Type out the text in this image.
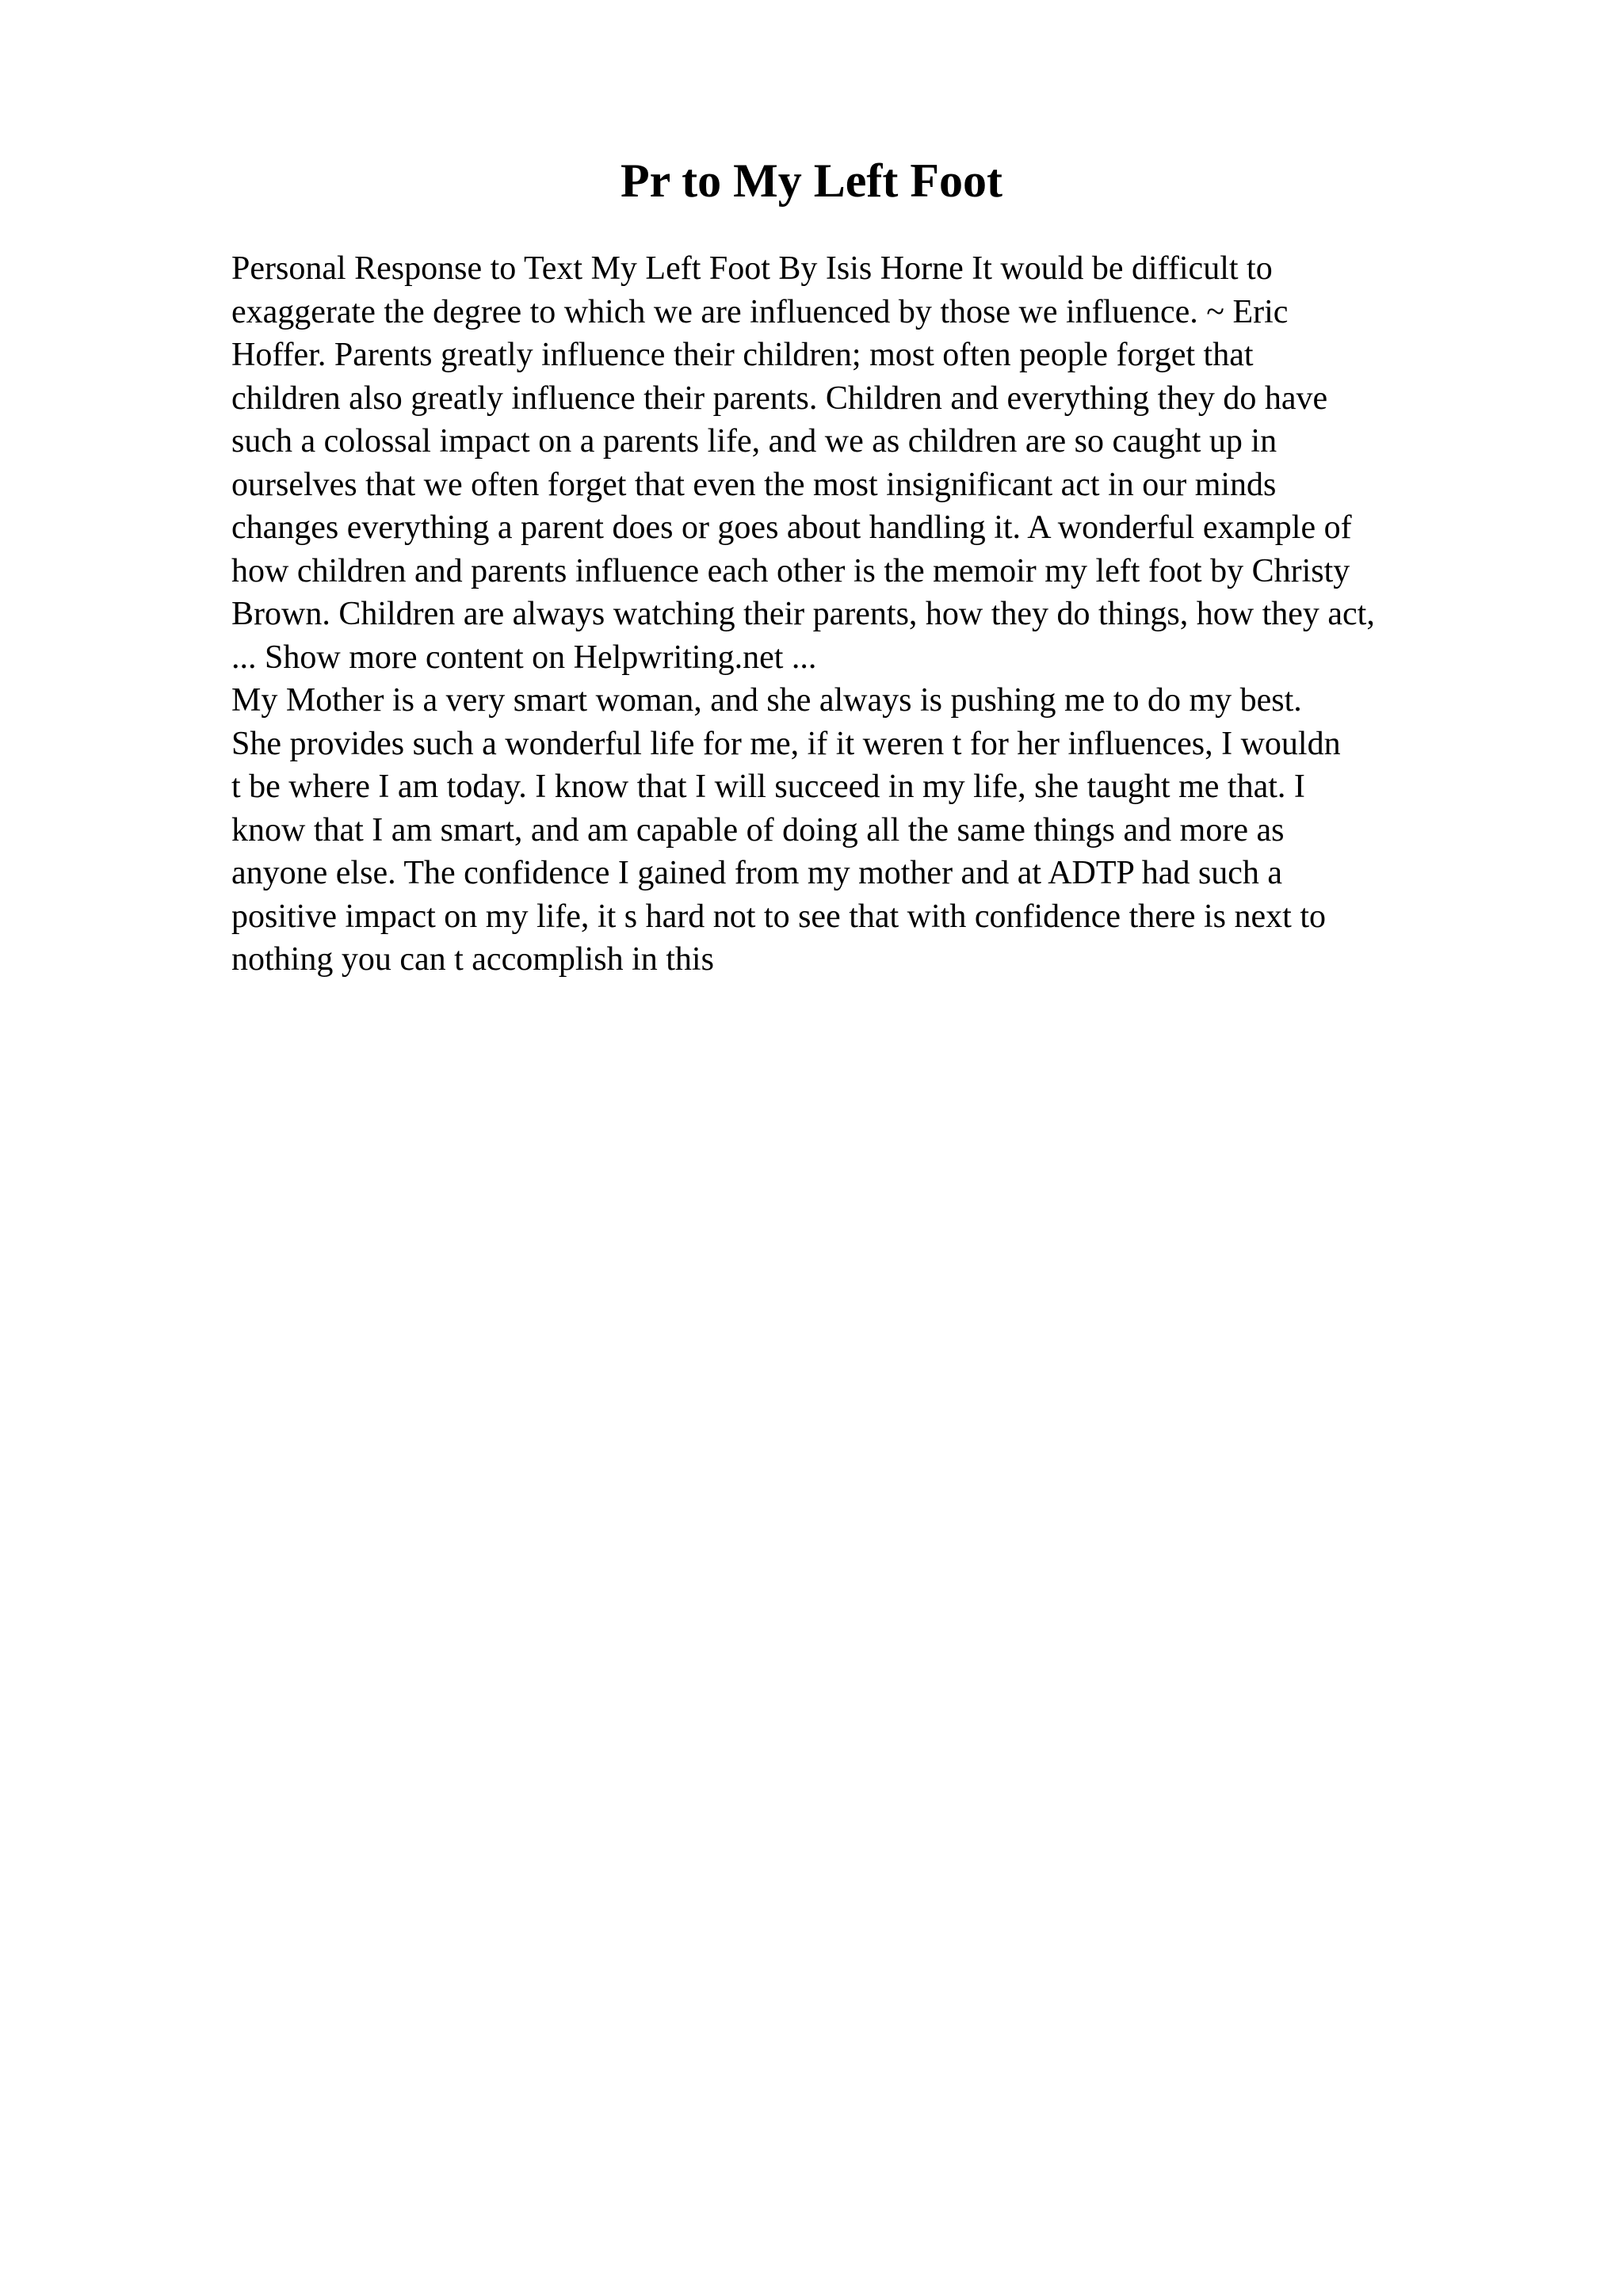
Pr to My Left Foot

Personal Response to Text My Left Foot By Isis Horne It would be difficult to
exaggerate the degree to which we are influenced by those we influence. ~ Eric
Hoffer. Parents greatly influence their children; most often people forget that
children also greatly influence their parents. Children and everything they do have
such a colossal impact on a parents life, and we as children are so caught up in
ourselves that we often forget that even the most insignificant act in our minds
changes everything a parent does or goes about handling it. A wonderful example of
how children and parents influence each other is the memoir my left foot by Christy
Brown. Children are always watching their parents, how they do things, how they act,
... Show more content on Helpwriting.net ...

My Mother is a very smart woman, and she always is pushing me to do my best.
She provides such a wonderful life for me, if it weren t for her influences, I wouldn
t be where I am today. I know that I will succeed in my life, she taught me that. I
know that I am smart, and am capable of doing all the same things and more as
anyone else. The confidence I gained from my mother and at ADTP had such a
positive impact on my life, it s hard not to see that with confidence there is next to
nothing you can t accomplish in this
